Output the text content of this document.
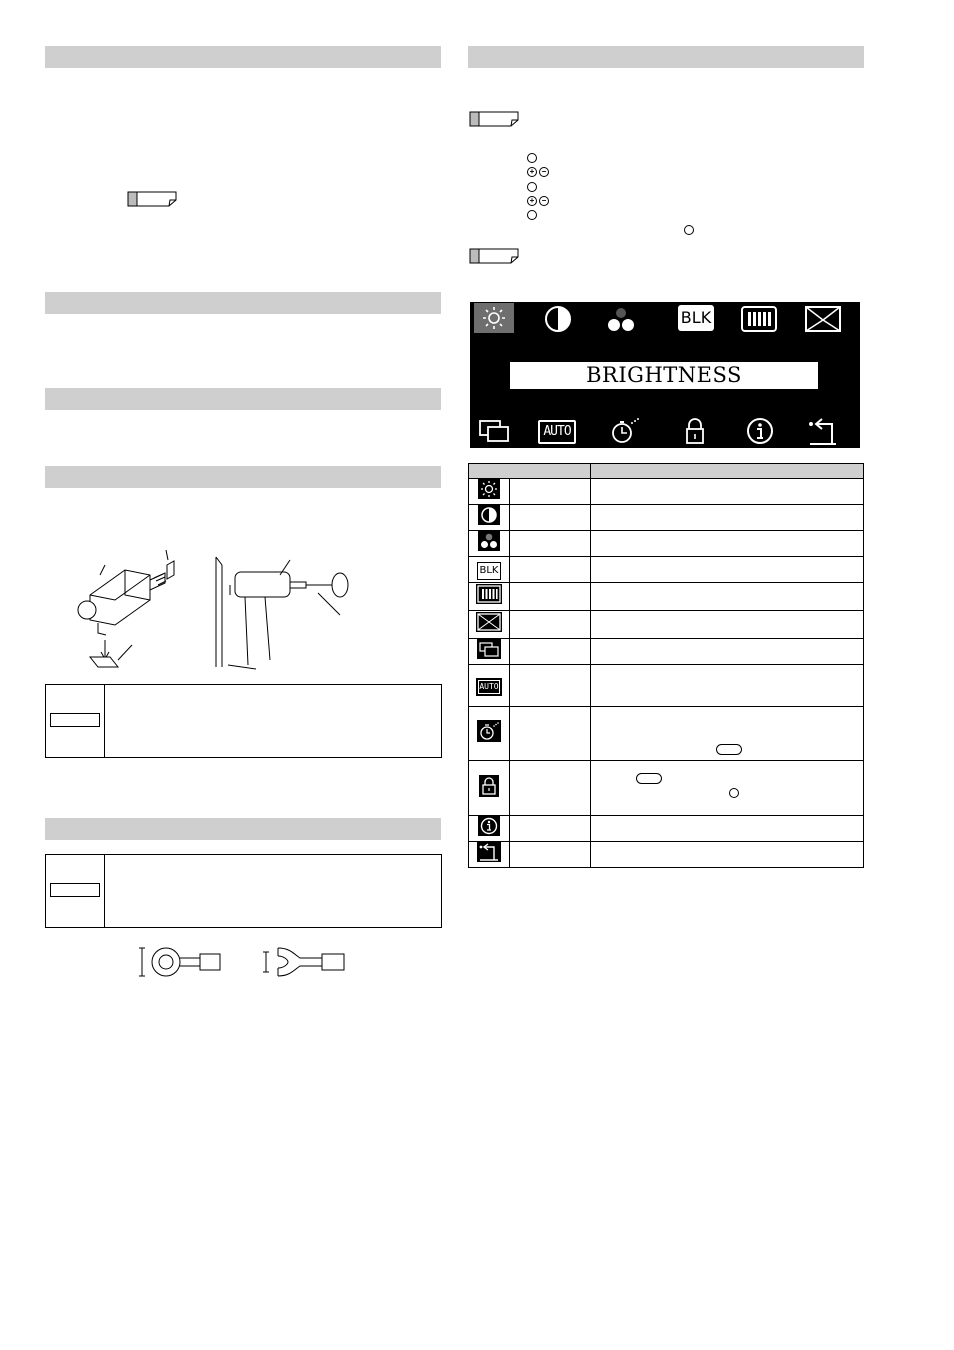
+ −
+ −
BLK
BRIGHTNESS
AUTO

BLK		

AUTO		
